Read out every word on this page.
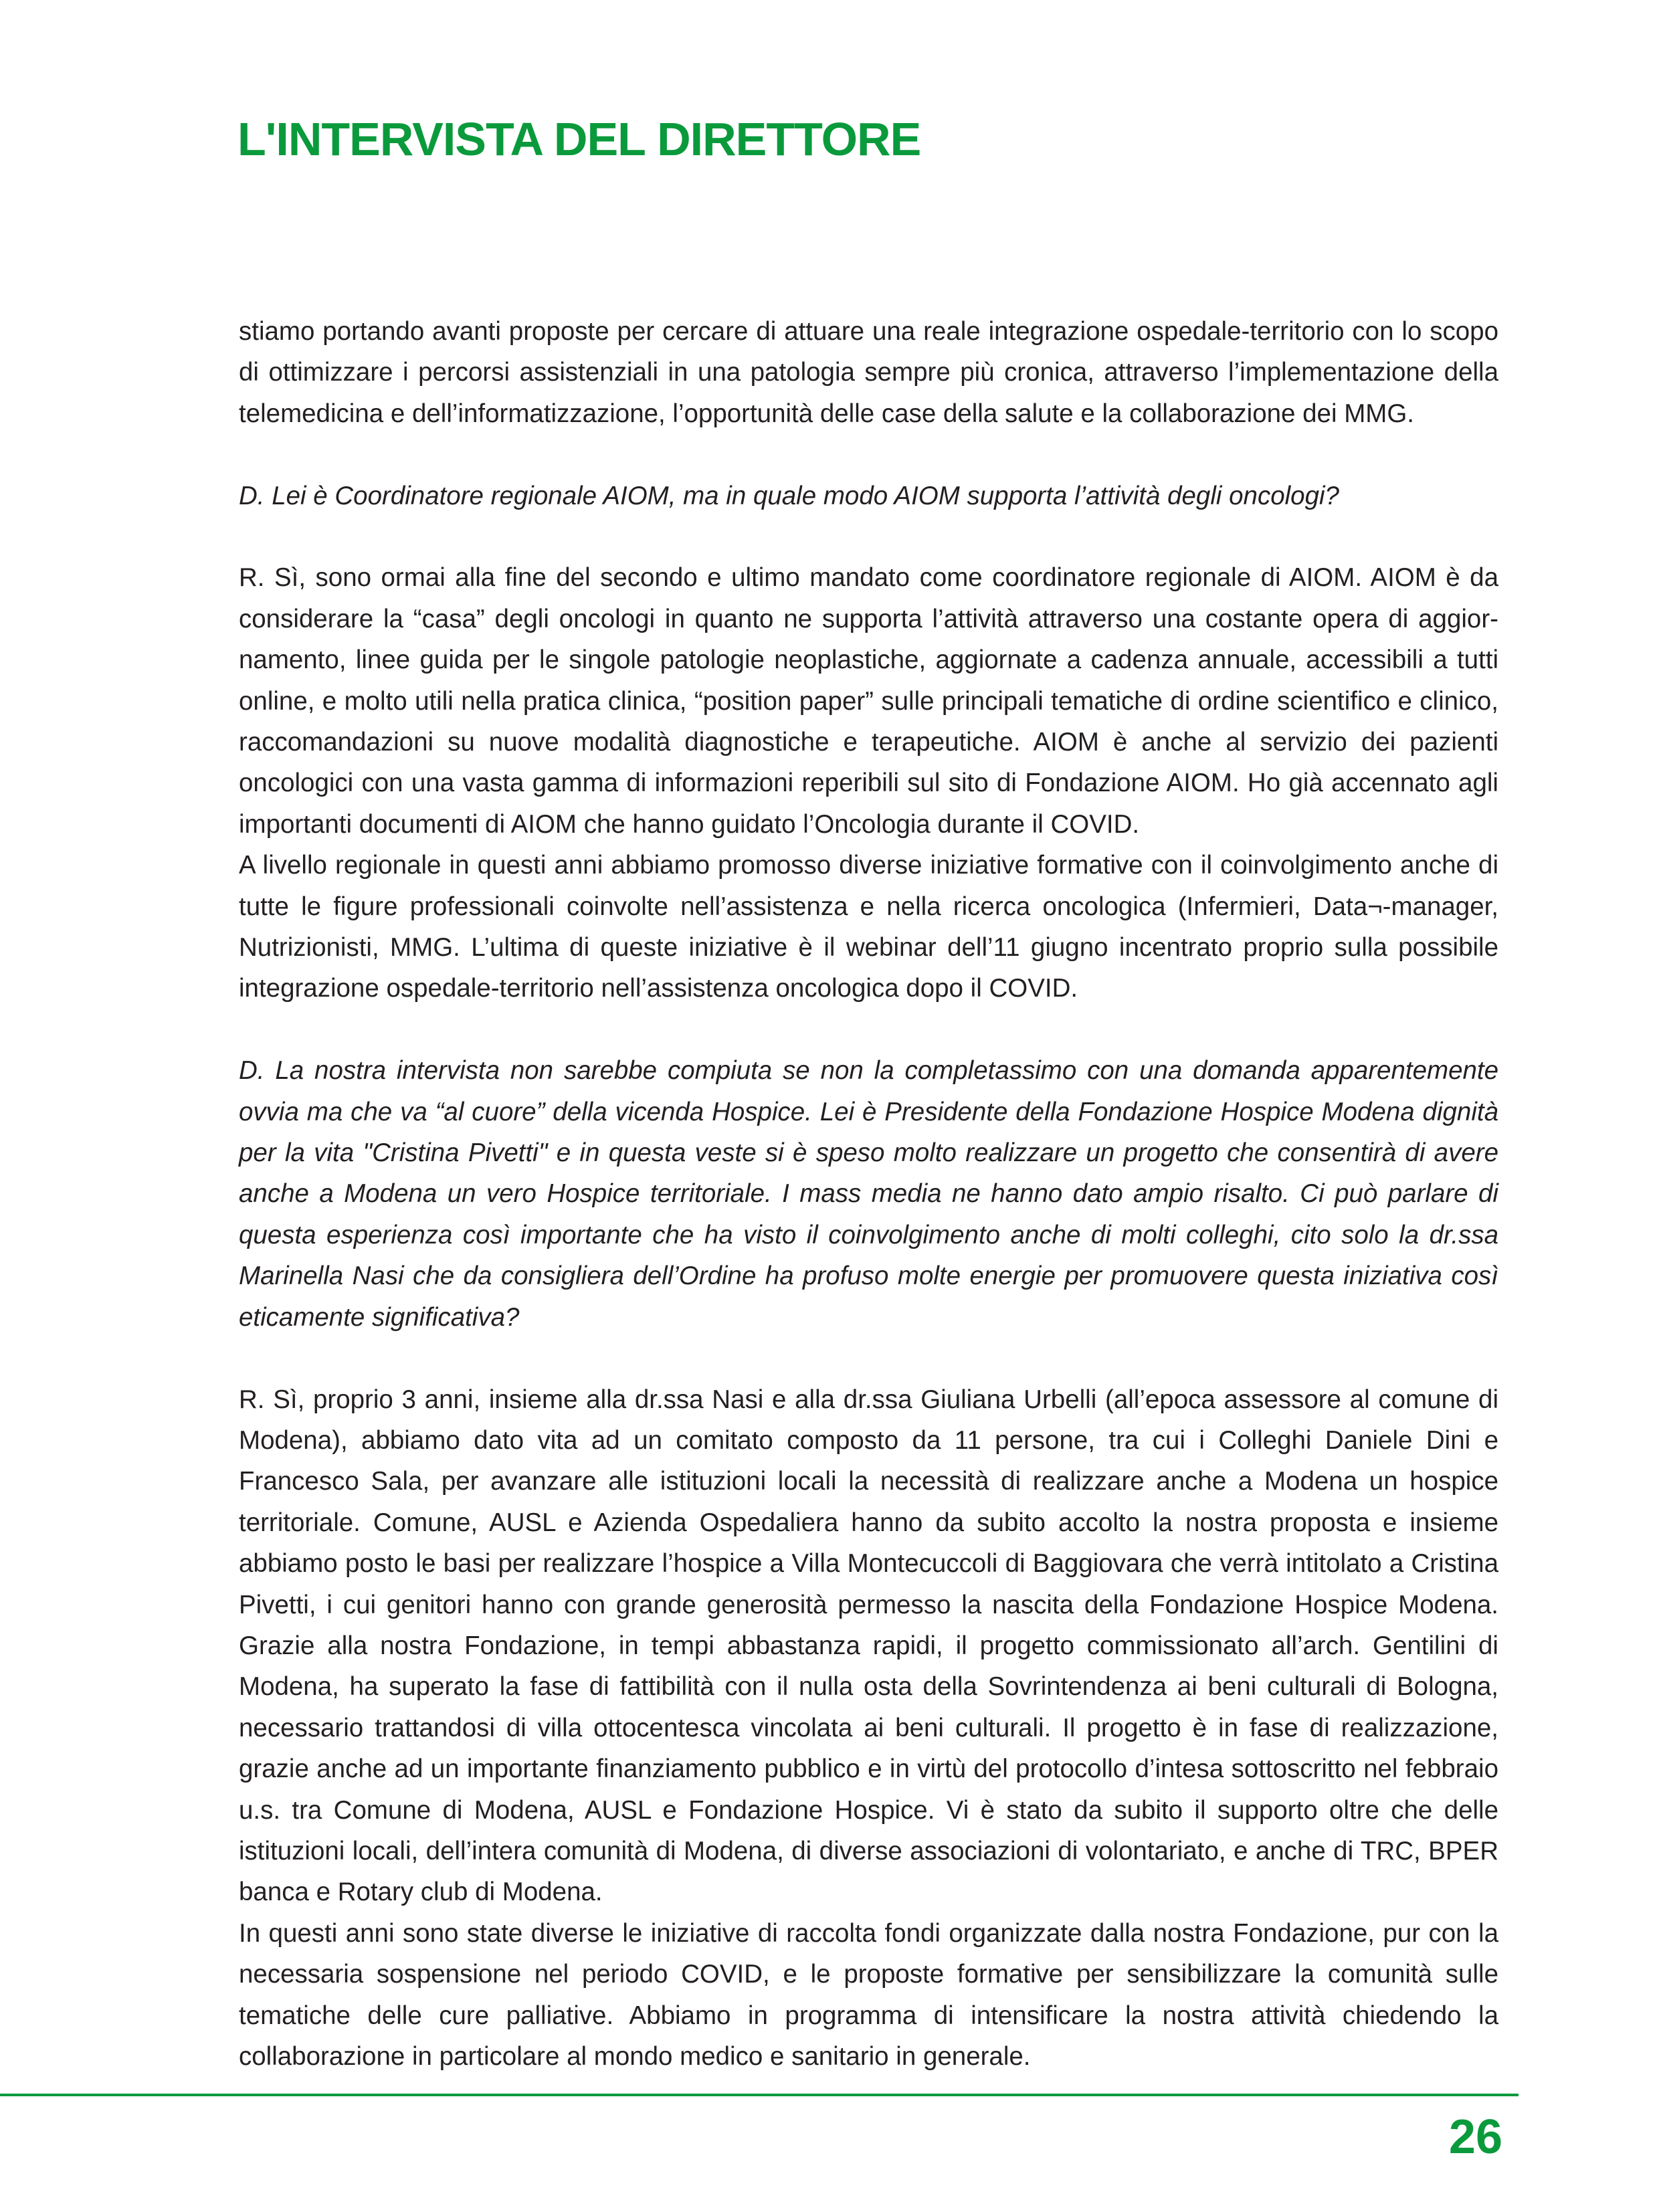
L'INTERVISTA DEL DIRETTORE

stiamo portando avanti proposte per cercare di attuare una reale integrazione ospedale-territorio con lo scopo di ottimizzare i percorsi assistenziali in una patologia sempre più cronica, attraverso l’implementazione della telemedicina e dell’informatizzazione, l’opportunità delle case della salute e la collaborazione dei MMG.

D. Lei è Coordinatore regionale AIOM, ma in quale modo AIOM supporta l’attività degli oncologi?

R. Sì, sono ormai alla fine del secondo e ultimo mandato come coordinatore regionale di AIOM. AIOM è da considerare la “casa” degli oncologi in quanto ne supporta l’attività attraverso una costante opera di aggiornamento, linee guida per le singole patologie neoplastiche, aggiornate a cadenza annuale, accessibili a tutti online, e molto utili nella pratica clinica, “position paper” sulle principali tematiche di ordine scientifico e clinico, raccomandazioni su nuove modalità diagnostiche e terapeutiche. AIOM è anche al servizio dei pazienti oncologici con una vasta gamma di informazioni reperibili sul sito di Fondazione AIOM. Ho già accennato agli importanti documenti di AIOM che hanno guidato l’Oncologia durante il COVID.

A livello regionale in questi anni abbiamo promosso diverse iniziative formative con il coinvolgimento anche di tutte le figure professionali coinvolte nell’assistenza e nella ricerca oncologica (Infermieri, Data¬-manager, Nutrizionisti, MMG. L’ultima di queste iniziative è il webinar dell’11 giugno incentrato proprio sulla possibile integrazione ospedale-territorio nell’assistenza oncologica dopo il COVID.

D. La nostra intervista non sarebbe compiuta se non la completassimo con una domanda apparentemente ovvia ma che va “al cuore” della vicenda Hospice. Lei è Presidente della Fondazione Hospice Modena dignità per la vita "Cristina Pivetti" e in questa veste si è speso molto realizzare un progetto che consentirà di avere anche a Modena un vero Hospice territoriale. I mass media ne hanno dato ampio risalto. Ci può parlare di questa esperienza così importante che ha visto il coinvolgimento anche di molti colleghi, cito solo la dr.ssa Marinella Nasi che da consigliera dell’Ordine ha profuso molte energie per promuovere questa iniziativa così eticamente significativa?

R. Sì, proprio 3 anni, insieme alla dr.ssa Nasi e alla dr.ssa Giuliana Urbelli (all’epoca assessore al comune di Modena), abbiamo dato vita ad un comitato composto da 11 persone, tra cui i Colleghi Daniele Dini e Francesco Sala, per avanzare alle istituzioni locali la necessità di realizzare anche a Modena un hospice territoriale. Comune, AUSL e Azienda Ospedaliera hanno da subito accolto la nostra proposta e insieme abbiamo posto le basi per realizzare l’hospice a Villa Montecuccoli di Baggiovara che verrà intitolato a Cristina Pivetti, i cui genitori hanno con grande generosità permesso la nascita della Fondazione Hospice Modena. Grazie alla nostra Fondazione, in tempi abbastanza rapidi, il progetto commissionato all’arch. Gentilini di Modena, ha superato la fase di fattibilità con il nulla osta della Sovrintendenza ai beni culturali di Bologna, necessario trattandosi di villa ottocentesca vincolata ai beni culturali. Il progetto è in fase di realizzazione, grazie anche ad un importante finanziamento pubblico e in virtù del protocollo d’intesa sottoscritto nel febbraio u.s. tra Comune di Modena, AUSL e Fondazione Hospice. Vi è stato da subito il supporto oltre che delle istituzioni locali, dell’intera comunità di Modena, di diverse associazioni di volontariato, e anche di TRC, BPER banca e Rotary club di Modena.

In questi anni sono state diverse le iniziative di raccolta fondi organizzate dalla nostra Fondazione, pur con la necessaria sospensione nel periodo COVID, e le proposte formative per sensibilizzare la comunità sulle tematiche delle cure palliative. Abbiamo in programma di intensificare la nostra attività chiedendo la collaborazione in particolare al mondo medico e sanitario in generale.

26
